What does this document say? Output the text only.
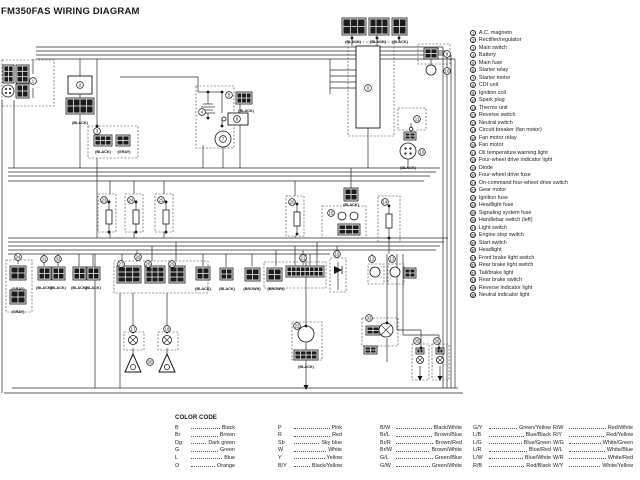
FM350FAS WIRING DIAGRAM
1
2
3
4
5
6
7
8
9
10
11
12	13
14
15
16
17	18
19
20
21
22
23	24	25
26
27	28	29
30
31 32
33
34
35	36
(BLACK)
(BLACK) (GRAY)
(BLACK) (BLACK) (BLACK)
(BLACK)
(BLACK)
(BLACK)
(GRAY)
(GRAY)
(BLACK)
(BLACK) (BLACK)
(BLACK)	(BLACK) (BLACK) (BROWN) (BROWN)
(BLACK)
1 A.C. magneto
2 Rectifier/regulator
3 Main switch
4 Battery
5 Main fuse
6 Starter relay
7 Starter motor
8 CDI unit
9 Ignition coil
10 Spark plug
11 Thermo unit
12 Reverse switch
13 Neutral switch
14 Circuit breaker (fan motor)
15 Fan motor relay
16 Fan motor
17 Oil temperature warning light
18 Four-wheel drive indicator light
19 Diode
20 Four-wheel drive fuse
21 On-command four-wheel drive switch
22 Gear motor
23 Ignition fuse
24 Headlight fuse
25 Signaling system fuse
26 Handlebar switch (left)
27 Light switch
28 Engine stop switch
29 Start switch
30 Headlight
31 Front brake light switch
32 Rear brake light switch
33 Tail/brake light
34 Rear brake switch
35 Reverse indicator light
36 Neutral indicator light
COLOR CODE
B	Black
Br	Brown
Dg	Dark green
G	Green
L	Blue
O	Orange
P	Pink
R	Red
Sb	Sky blue
W	White
Y	Yellow
B/Y	Black/Yellow
B/W	Black/White
Br/L	Brown/Blue
Br/R	Brown/Red
Br/W	Brown/White
G/L	Green/Blue
G/W	Green/White
G/Y	Green/Yellow
L/B	Blue/Black
L/G	Blue/Green
L/R	Blue/Red
L/W	Blue/White
R/B	Red/Black
R/W	Red/White
R/Y	Red/Yellow
W/G	White/Green
W/L	White/Blue
W/R	White/Red
W/Y	White/Yellow
